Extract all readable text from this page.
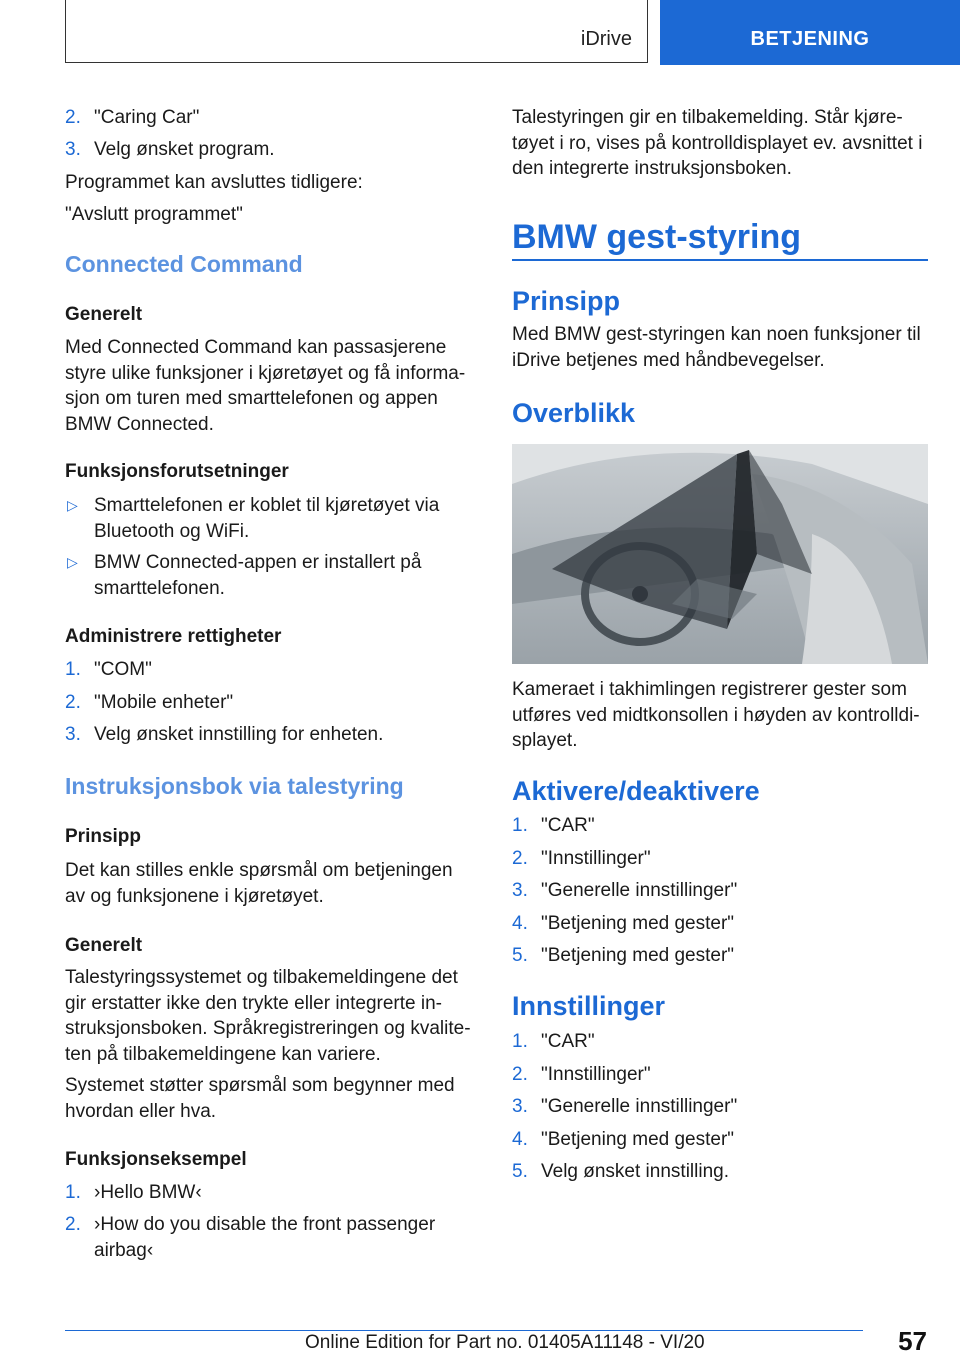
iDrive	BETJENING
2. "Caring Car"
3. Velg ønsket program.

Programmet kan avsluttes tidligere:

"Avslutt programmet"

Connected Command
Generelt

Med Connected Command kan passasjerene styre ulike funksjoner i kjøretøyet og få informa-sjon om turen med smarttelefonen og appen BMW Connected.

Funksjonsforutsetninger
▷ Smarttelefonen er koblet til kjøretøyet via Bluetooth og WiFi.
▷ BMW Connected-appen er installert på smarttelefonen.
Administrere rettigheter
1. "COM"
2. "Mobile enheter"
3. Velg ønsket innstilling for enheten.
Instruksjonsbok via talestyring
Prinsipp

Det kan stilles enkle spørsmål om betjeningen av og funksjonene i kjøretøyet.

Generelt

Talestyringssystemet og tilbakemeldingene det gir erstatter ikke den trykte eller integrerte in-struksjonsboken. Språkregistreringen og kvalite-ten på tilbakemeldingene kan variere.

Systemet støtter spørsmål som begynner med hvordan eller hva.

Funksjonseksempel
1. ›Hello BMW‹
2. ›How do you disable the front passenger airbag‹

Talestyringen gir en tilbakemelding. Står kjøre-tøyet i ro, vises på kontrolldisplayet ev. avsnittet i den integrerte instruksjonsboken.

BMW gest-styring
Prinsipp

Med BMW gest-styringen kan noen funksjoner til iDrive betjenes med håndbevegelser.

Overblikk

Kameraet i takhimlingen registrerer gester som utføres ved midtkonsollen i høyden av kontrolldi-splayet.

Aktivere/deaktivere
1. "CAR"
2. "Innstillinger"
3. "Generelle innstillinger"
4. "Betjening med gester"
5. "Betjening med gester"
Innstillinger
1. "CAR"
2. "Innstillinger"
3. "Generelle innstillinger"
4. "Betjening med gester"
5. Velg ønsket innstilling.
57
Online Edition for Part no. 01405A11148 - VI/20
